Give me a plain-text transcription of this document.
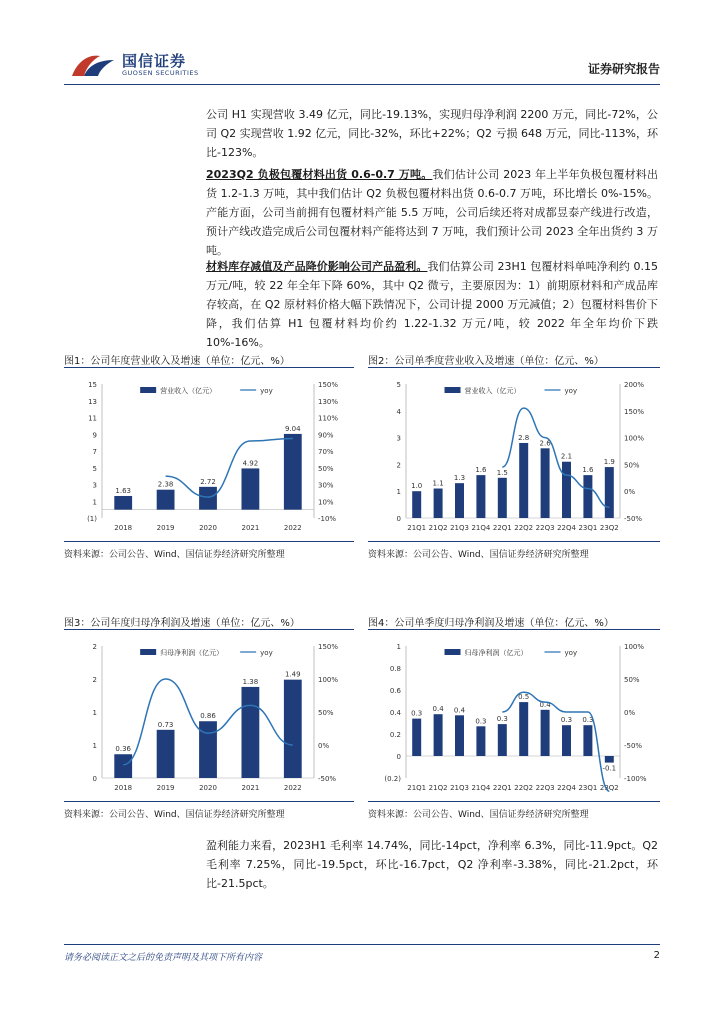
国信证券
GUOSEN SECURITIES	证券研究报告

公司 H1 实现营收 3.49 亿元，同比-19.13%，实现归母净利润 2200 万元，同比-72%，公司 Q2 实现营收 1.92 亿元，同比-32%，环比+22%；Q2 亏损 648 万元，同比-113%，环比-123%。

2023Q2 负极包覆材料出货 0.6-0.7 万吨。我们估计公司 2023 年上半年负极包覆材料出货 1.2-1.3 万吨，其中我们估计 Q2 负极包覆材料出货 0.6-0.7 万吨，环比增长 0%-15%。产能方面，公司当前拥有包覆材料产能 5.5 万吨，公司后续还将对成都昱泰产线进行改造，预计产线改造完成后公司包覆材料产能将达到 7 万吨，我们预计公司 2023 全年出货约 3 万吨。

材料库存减值及产品降价影响公司产品盈利。我们估算公司 23H1 包覆材料单吨净利约 0.15 万元/吨，较 22 年全年下降 60%，其中 Q2 微亏，主要原因为：1）前期原材料和产成品库存较高，在 Q2 原材料价格大幅下跌情况下，公司计提 2000 万元减值；2）包覆材料售价下降，我们估算 H1 包覆材料均价约 1.22-1.32 万元/吨，较 2022 年全年均价下跌 10%-16%。

图1：公司年度营业收入及增速（单位：亿元、%）
(1)
1
3
5
7
9
11
13
15
-10%
10%
30%
50%
70%
90%
110%
130%
150%
营业收入（亿元）	yoy
1.63
2018
2.38
2019
2.72
2020
4.92
2021
9.04
2022
资料来源：公司公告、Wind、国信证券经济研究所整理
图2：公司单季度营业收入及增速（单位：亿元、%）
0
1
2
3
4
5
-50%
0%
50%
100%
150%
200%
营业收入（亿元）	yoy
1.0
21Q1
1.1
21Q2
1.3
21Q3
1.6
21Q4
1.5
22Q1
2.8
22Q2
2.6
22Q3
2.1
22Q4
1.6
23Q1
1.9
23Q2
资料来源：公司公告、Wind、国信证券经济研究所整理
图3：公司年度归母净利润及增速（单位：亿元、%）
0
1
1
2
2
-50%
0%
50%
100%
150%
归母净利润（亿元）	yoy
0.36
2018
0.73
2019
0.86
2020
1.38
2021
1.49
2022
资料来源：公司公告、Wind、国信证券经济研究所整理
图4：公司单季度归母净利润及增速（单位：亿元、%）
(0.2)
0
0.2
0.4
0.6
0.8
1
-100%
-50%
0%
50%
100%
归母净利润（亿元）	yoy
0.3
21Q1
0.4
21Q2
0.4
21Q3
0.3
21Q4
0.3
22Q1
0.5
22Q2
0.4
22Q3
0.3
22Q4
0.3
23Q1
-0.1
23Q2
资料来源：公司公告、Wind、国信证券经济研究所整理

盈利能力来看，2023H1 毛利率 14.74%，同比-14pct，净利率 6.3%，同比-11.9pct。Q2 毛利率 7.25%，同比-19.5pct，环比-16.7pct，Q2 净利率-3.38%，同比-21.2pct，环比-21.5pct。

请务必阅读正文之后的免责声明及其项下所有内容	2
